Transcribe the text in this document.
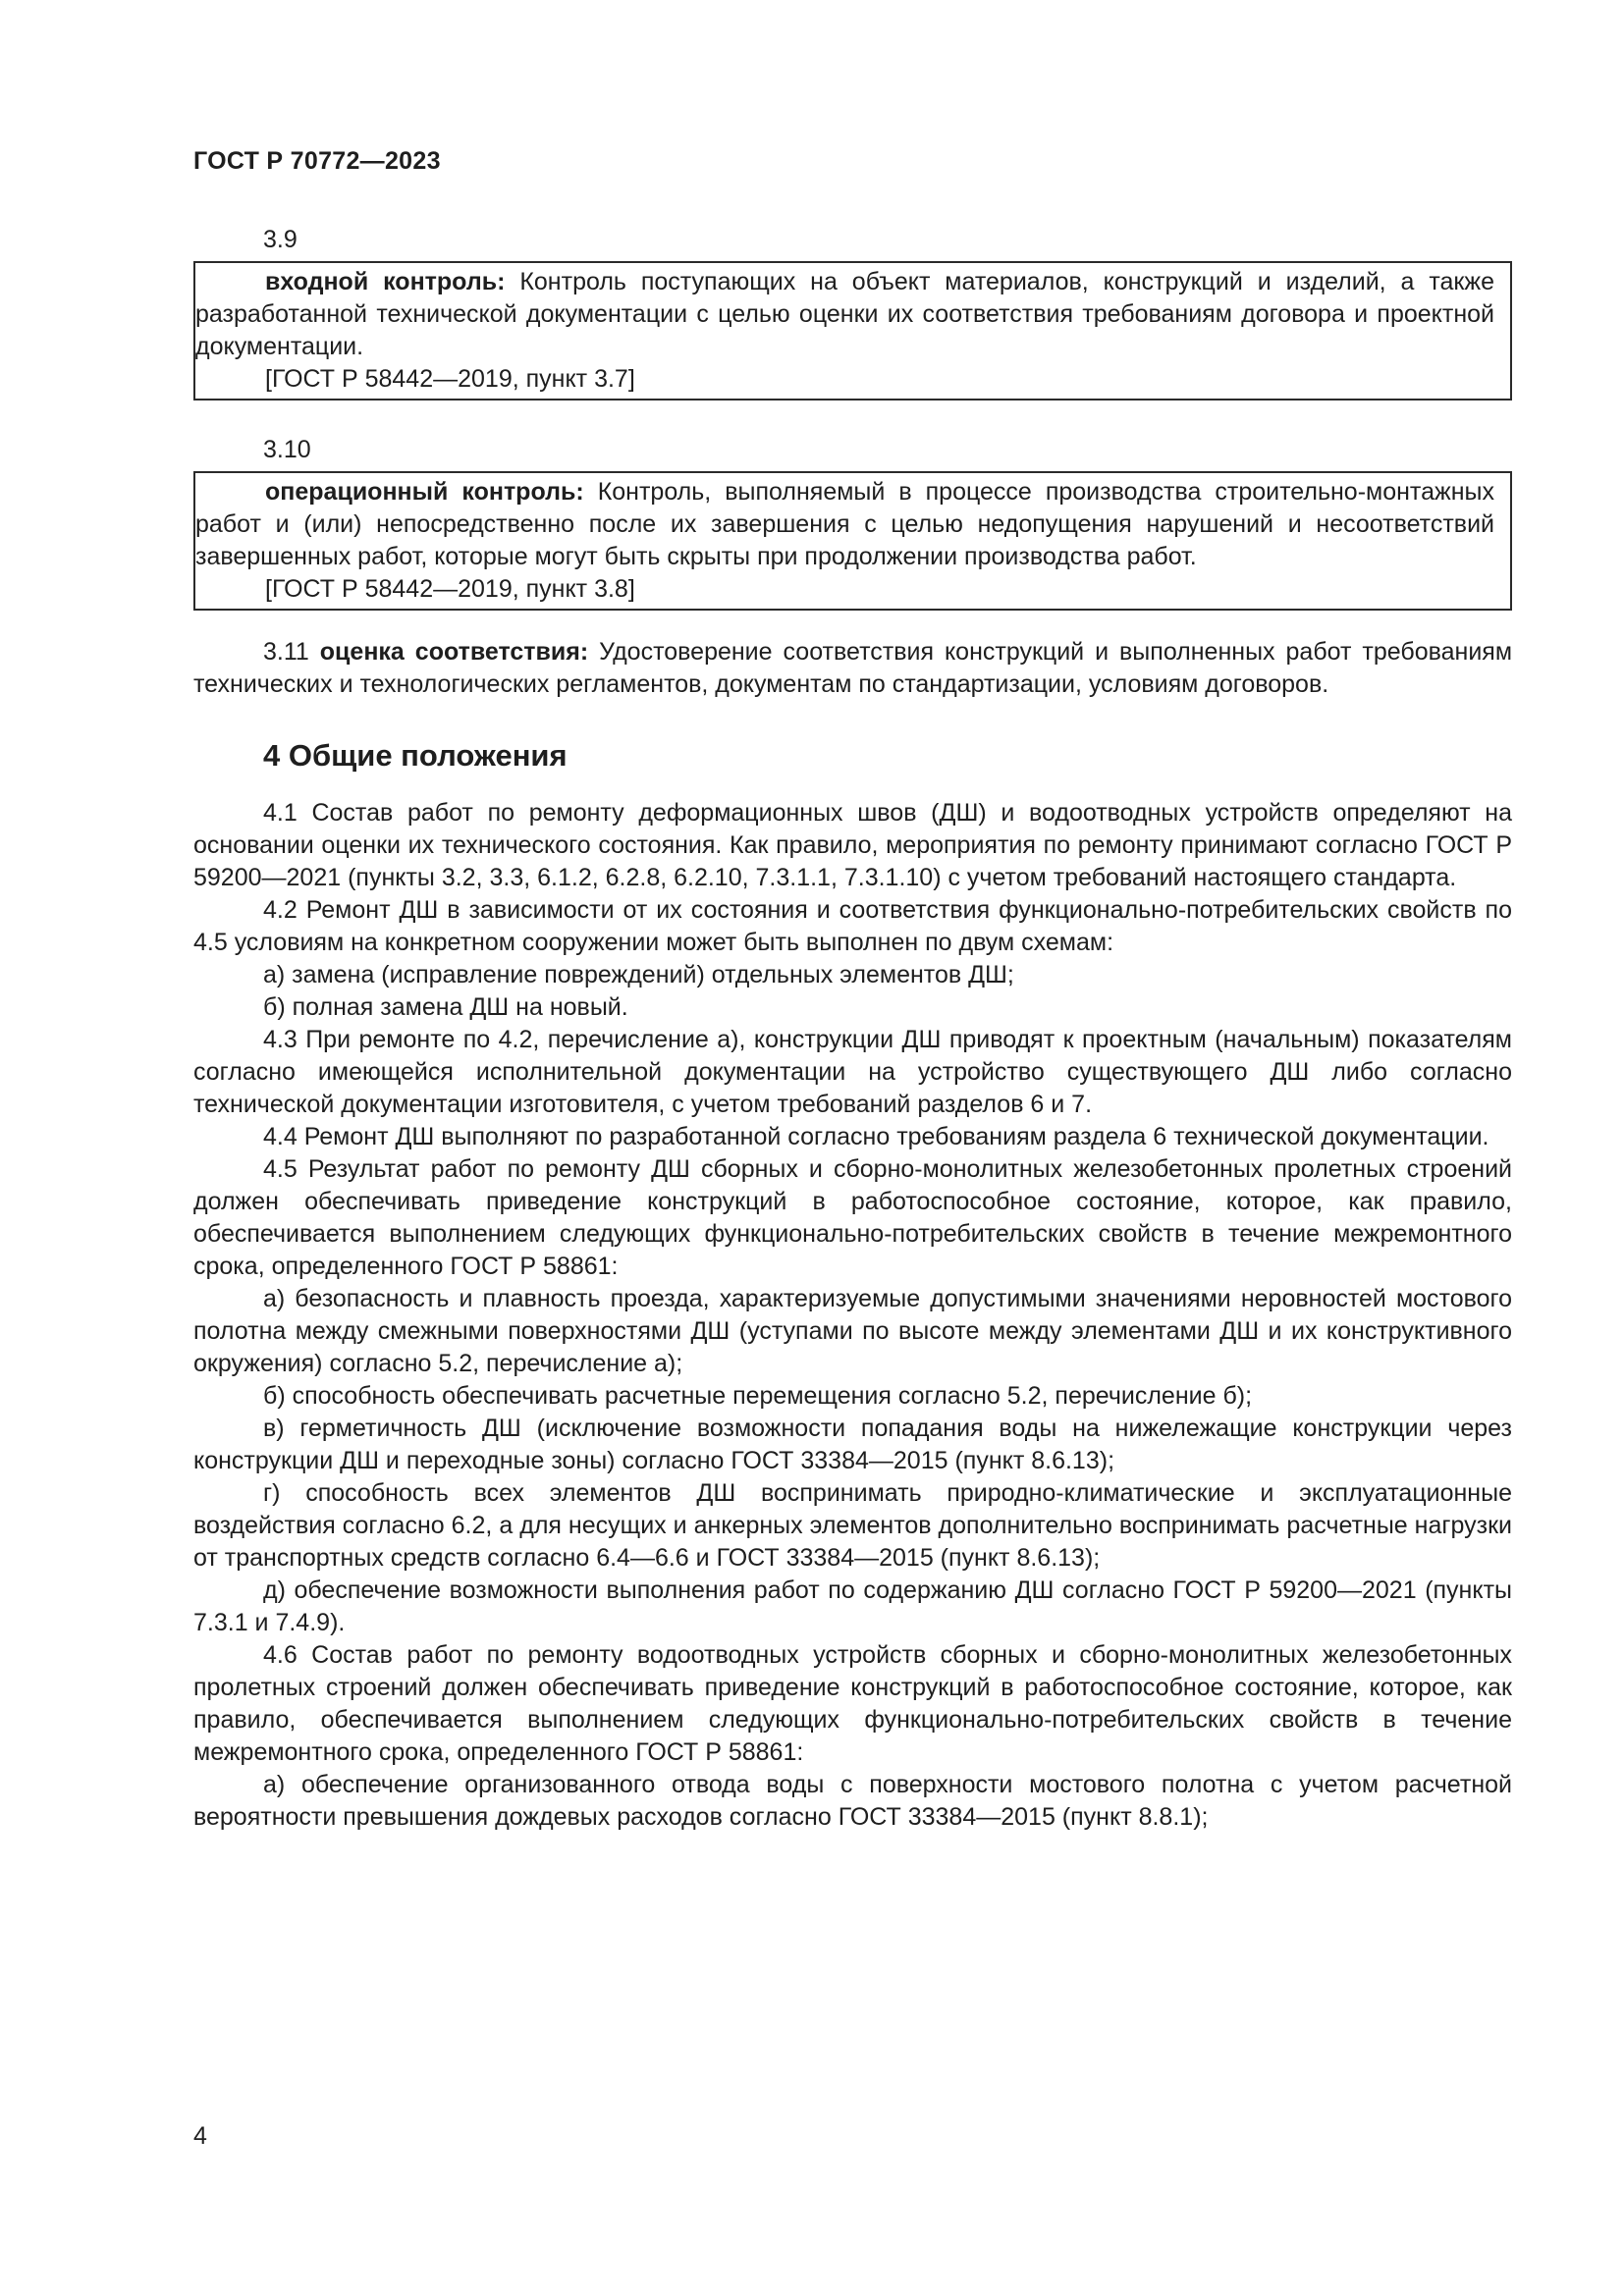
ГОСТ Р 70772—2023

3.9

входной контроль: Контроль поступающих на объект материалов, конструкций и изделий, а также разработанной технической документации с целью оценки их соответствия требованиям договора и проектной документации.

[ГОСТ Р 58442—2019, пункт 3.7]

3.10

операционный контроль: Контроль, выполняемый в процессе производства строительно-монтажных работ и (или) непосредственно после их завершения с целью недопущения нарушений и несоответствий завершенных работ, которые могут быть скрыты при продолжении производства работ.

[ГОСТ Р 58442—2019, пункт 3.8]

3.11 оценка соответствия: Удостоверение соответствия конструкций и выполненных работ требованиям технических и технологических регламентов, документам по стандартизации, условиям договоров.

4 Общие положения

4.1 Состав работ по ремонту деформационных швов (ДШ) и водоотводных устройств определяют на основании оценки их технического состояния. Как правило, мероприятия по ремонту принимают согласно ГОСТ Р 59200—2021 (пункты 3.2, 3.3, 6.1.2, 6.2.8, 6.2.10, 7.3.1.1, 7.3.1.10) с учетом требований настоящего стандарта.

4.2 Ремонт ДШ в зависимости от их состояния и соответствия функционально-потребительских свойств по 4.5 условиям на конкретном сооружении может быть выполнен по двум схемам:

а) замена (исправление повреждений) отдельных элементов ДШ;

б) полная замена ДШ на новый.

4.3 При ремонте по 4.2, перечисление а), конструкции ДШ приводят к проектным (начальным) показателям согласно имеющейся исполнительной документации на устройство существующего ДШ либо согласно технической документации изготовителя, с учетом требований разделов 6 и 7.

4.4 Ремонт ДШ выполняют по разработанной согласно требованиям раздела 6 технической документации.

4.5 Результат работ по ремонту ДШ сборных и сборно-монолитных железобетонных пролетных строений должен обеспечивать приведение конструкций в работоспособное состояние, которое, как правило, обеспечивается выполнением следующих функционально-потребительских свойств в течение межремонтного срока, определенного ГОСТ Р 58861:

а) безопасность и плавность проезда, характеризуемые допустимыми значениями неровностей мостового полотна между смежными поверхностями ДШ (уступами по высоте между элементами ДШ и их конструктивного окружения) согласно 5.2, перечисление а);

б) способность обеспечивать расчетные перемещения согласно 5.2, перечисление б);

в) герметичность ДШ (исключение возможности попадания воды на нижележащие конструкции через конструкции ДШ и переходные зоны) согласно ГОСТ 33384—2015 (пункт 8.6.13);

г) способность всех элементов ДШ воспринимать природно-климатические и эксплуатационные воздействия согласно 6.2, а для несущих и анкерных элементов дополнительно воспринимать расчетные нагрузки от транспортных средств согласно 6.4—6.6 и ГОСТ 33384—2015 (пункт 8.6.13);

д) обеспечение возможности выполнения работ по содержанию ДШ согласно ГОСТ Р 59200—2021 (пункты 7.3.1 и 7.4.9).

4.6 Состав работ по ремонту водоотводных устройств сборных и сборно-монолитных железобетонных пролетных строений должен обеспечивать приведение конструкций в работоспособное состояние, которое, как правило, обеспечивается выполнением следующих функционально-потребительских свойств в течение межремонтного срока, определенного ГОСТ Р 58861:

а) обеспечение организованного отвода воды с поверхности мостового полотна с учетом расчетной вероятности превышения дождевых расходов согласно ГОСТ 33384—2015 (пункт 8.8.1);

4
